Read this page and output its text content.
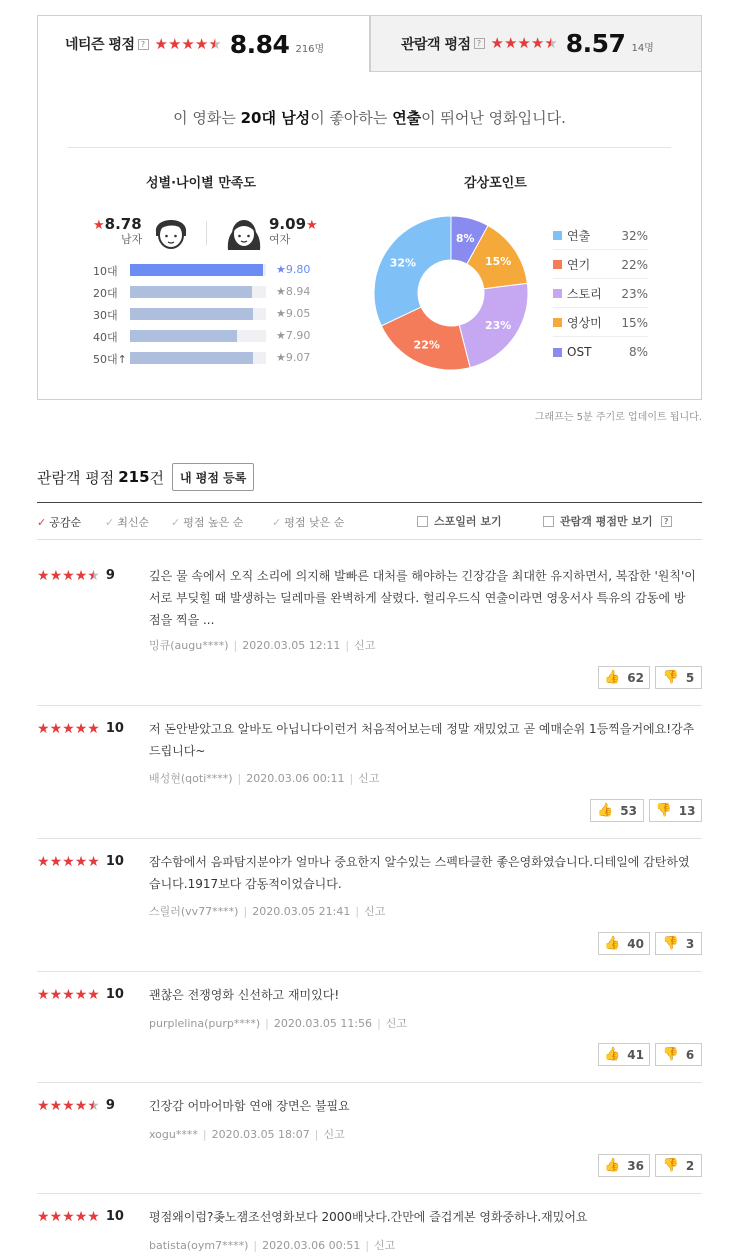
네티즌 평점 ? ★ ★ ★ ★ ★ 8.84 216명	관람객 평점 ? ★ ★ ★ ★ ★ 8.57 14명
이 영화는 20대 남성이 좋아하는 연출이 뛰어난 영화입니다.
성별·나이별 만족도	감상포인트
★8.78
남자
9.09★
여자
10대	★9.80
20대	★8.94
30대	★9.05
40대	★7.90
50대↑	★9.07
8%
15%
23%
22%
32%
연출	32%
연기	22%
스토리	23%
영상미	15%
OST	8%
그래프는 5분 주기로 업데이트 됩니다.
관람객 평점 215 건	내 평점 등록
✓ 공감순 ✓ 최신순 ✓ 평점 높은 순	✓ 평점 낮은 순	스포일러 보기	관람객 평점만 보기	?
★ ★ ★ ★ ★ 9	깊은 물 속에서 오직 소리에 의지해 발빠른 대처를 해야하는 긴장감을 최대한 유지하면서, 복잡한 '원칙'이 서로 부딪힐 때 발생하는 딜레마를 완벽하게 살렸다. 헐리우드식 연출이라면 영웅서사 특유의 감동에 방점을 찍을 ...
밍큐(augu****) | 2020.03.05 12:11 | 신고
👍 62 👎 5
★ ★ ★ ★ ★ 10 저 돈안받았고요 알바도 아닙니다이런거 처음적어보는데 정말 재밌었고 곧 예매순위 1등찍을거에요!강추드립니다~
배성현(qoti****) | 2020.03.06 00:11 | 신고
👍 53 👎 13
★ ★ ★ ★ ★ 10 잠수함에서 음파탐지분야가 얼마나 중요한지 알수있는 스펙타클한 좋은영화였습니다.디테일에 감탄하였습니다.1917보다 감동적이었습니다.
스릴러(vv77****) | 2020.03.05 21:41 | 신고
👍 40 👎 3
★ ★ ★ ★ ★ 10 괜찮은 전쟁영화 신선하고 재미있다!
purplelina(purp****) | 2020.03.05 11:56 | 신고
👍 41 👎 6
★ ★ ★ ★ ★ 9	긴장감 어마어마함 연애 장면은 불필요
xogu**** | 2020.03.05 18:07 | 신고
👍 36 👎 2
★ ★ ★ ★ ★ 10 평점왜이럼?좆노잼조선영화보다 2000배낫다.간만에 즐겁게본 영화중하나.재밌어요
batista(oym7****) | 2020.03.06 00:51 | 신고
